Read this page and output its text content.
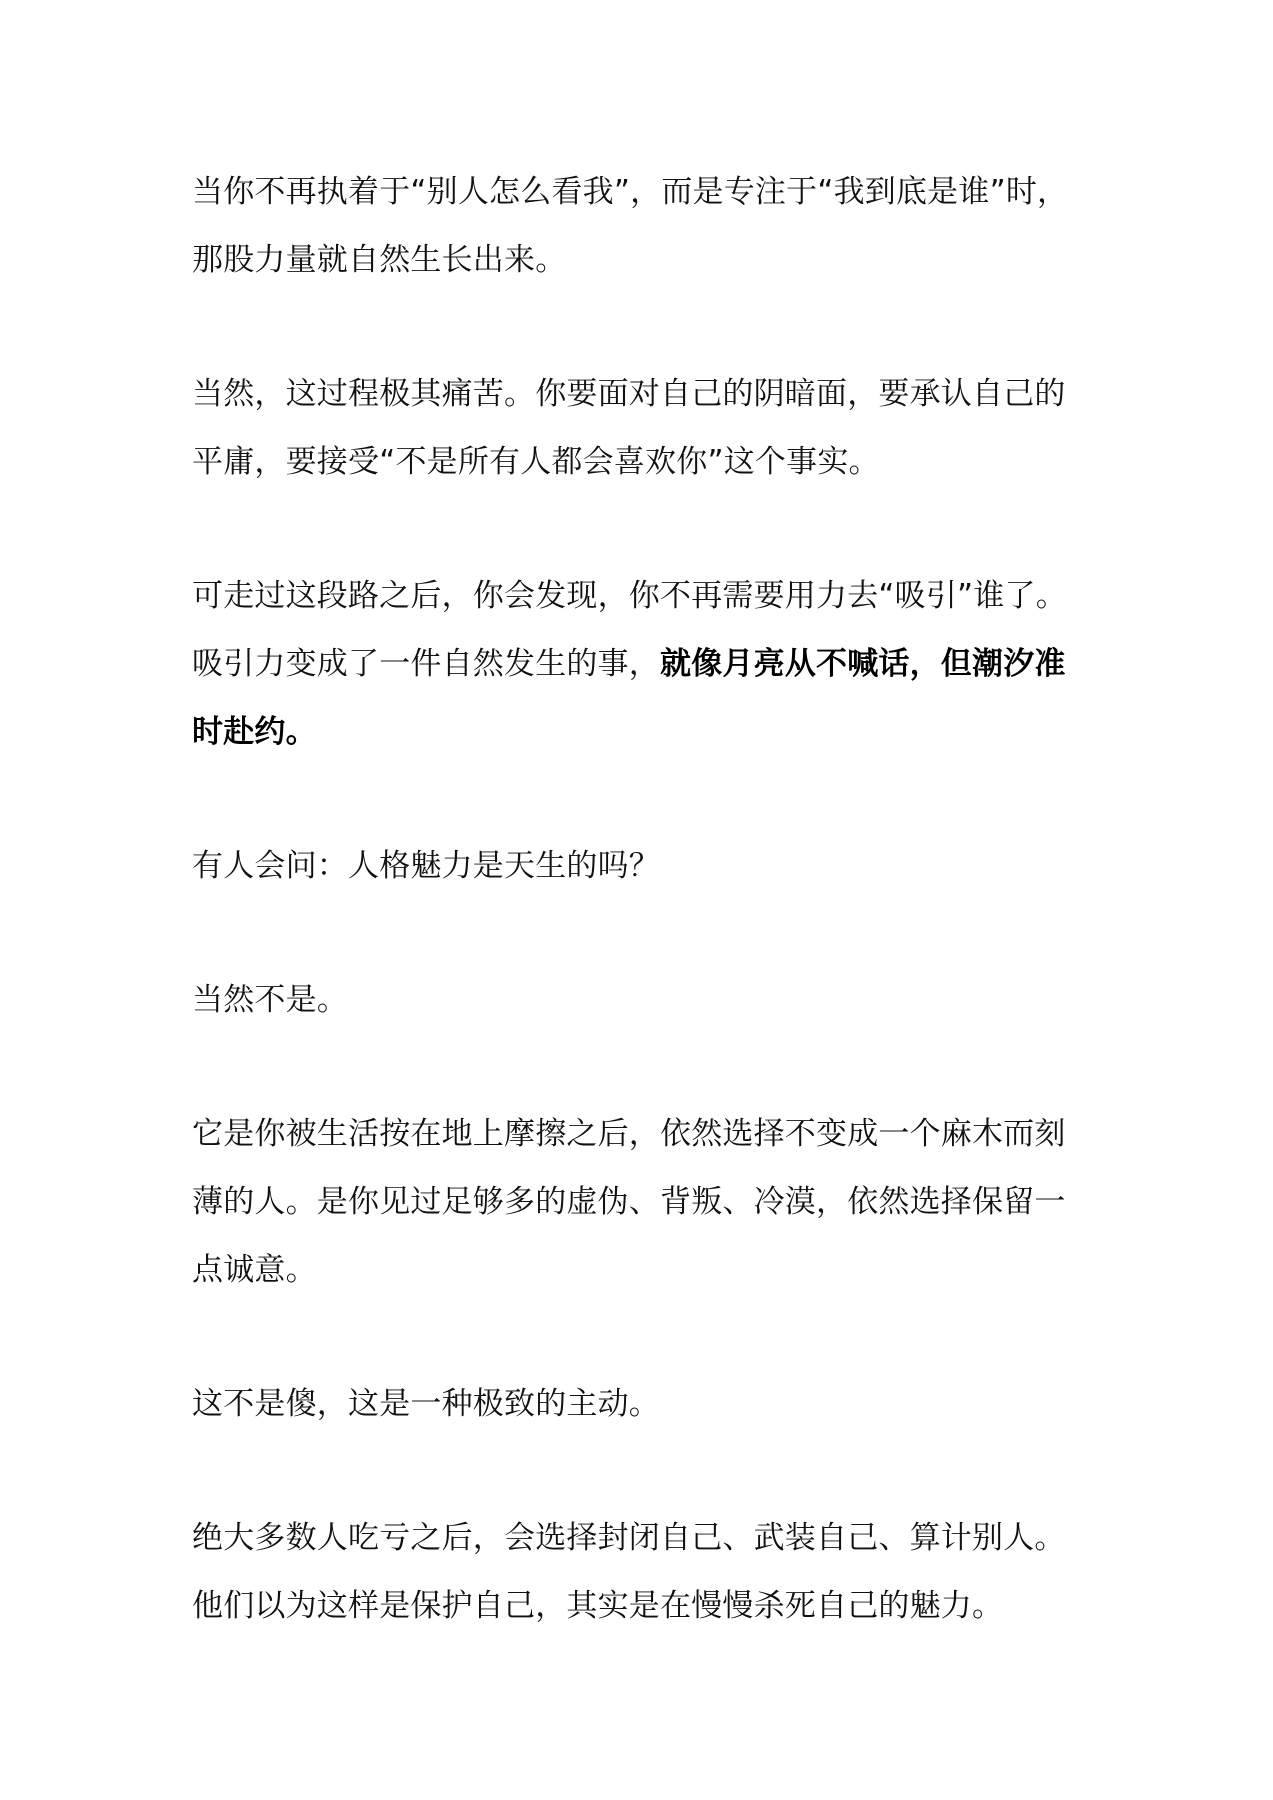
当你不再执着于“别人怎么看我”，而是专注于“我到底是谁”时，
那股力量就自然生长出来。

当然，这过程极其痛苦。你要面对自己的阴暗面，要承认自己的
平庸，要接受“不是所有人都会喜欢你”这个事实。

可走过这段路之后，你会发现，你不再需要用力去“吸引”谁了。
吸引力变成了一件自然发生的事，就像月亮从不喊话，但潮汐准
时赴约。

有人会问：人格魅力是天生的吗？

当然不是。

它是你被生活按在地上摩擦之后，依然选择不变成一个麻木而刻
薄的人。是你见过足够多的虚伪、背叛、冷漠，依然选择保留一
点诚意。

这不是傻，这是一种极致的主动。

绝大多数人吃亏之后，会选择封闭自己、武装自己、算计别人。
他们以为这样是保护自己，其实是在慢慢杀死自己的魅力。
